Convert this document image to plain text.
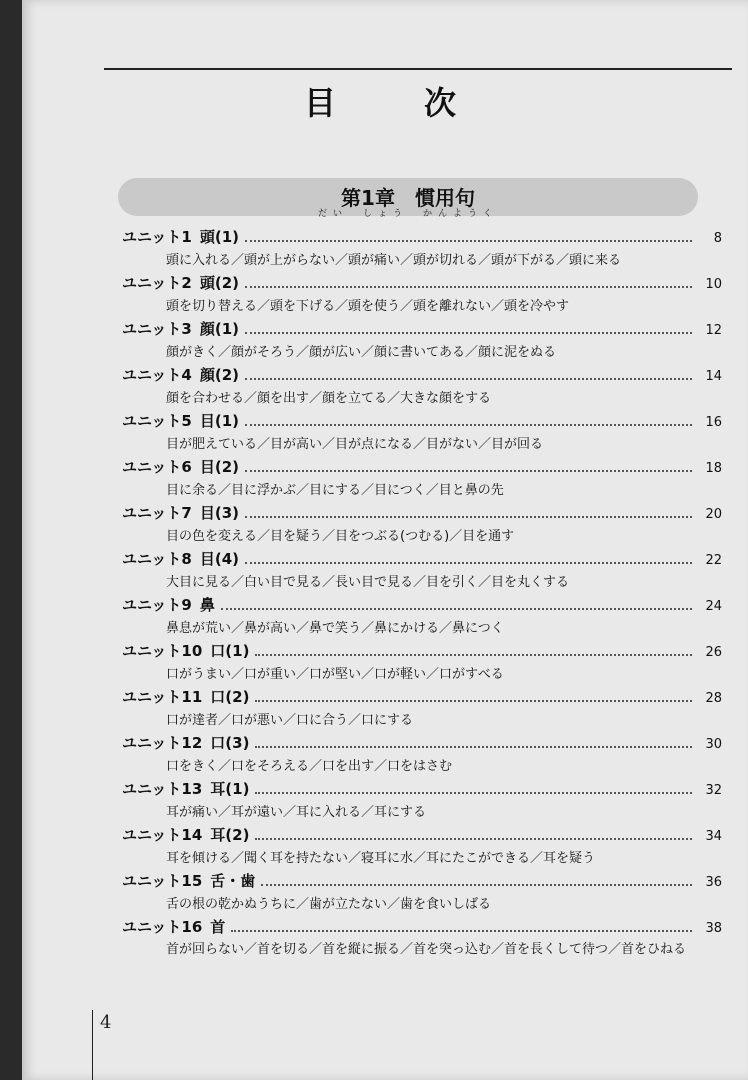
目　次
第1章　慣用句
だい　しょう　かんようく
ユニット1 頭(1)	8
頭に入れる／頭が上がらない／頭が痛い／頭が切れる／頭が下がる／頭に来る
ユニット2 頭(2)	10
頭を切り替える／頭を下げる／頭を使う／頭を離れない／頭を冷やす
ユニット3 顔(1)	12
顔がきく／顔がそろう／顔が広い／顔に書いてある／顔に泥をぬる
ユニット4 顔(2)	14
顔を合わせる／顔を出す／顔を立てる／大きな顔をする
ユニット5 目(1)	16
目が肥えている／目が高い／目が点になる／目がない／目が回る
ユニット6 目(2)	18
目に余る／目に浮かぶ／目にする／目につく／目と鼻の先
ユニット7 目(3)	20
目の色を変える／目を疑う／目をつぶる(つむる)／目を通す
ユニット8 目(4)	22
大目に見る／白い目で見る／長い目で見る／目を引く／目を丸くする
ユニット9 鼻	24
鼻息が荒い／鼻が高い／鼻で笑う／鼻にかける／鼻につく
ユニット10 口(1)	26
口がうまい／口が重い／口が堅い／口が軽い／口がすべる
ユニット11 口(2)	28
口が達者／口が悪い／口に合う／口にする
ユニット12 口(3)	30
口をきく／口をそろえる／口を出す／口をはさむ
ユニット13 耳(1)	32
耳が痛い／耳が遠い／耳に入れる／耳にする
ユニット14 耳(2)	34
耳を傾ける／聞く耳を持たない／寝耳に水／耳にたこができる／耳を疑う
ユニット15 舌・歯	36
舌の根の乾かぬうちに／歯が立たない／歯を食いしばる
ユニット16 首	38
首が回らない／首を切る／首を縦に振る／首を突っ込む／首を長くして待つ／首をひねる
4
